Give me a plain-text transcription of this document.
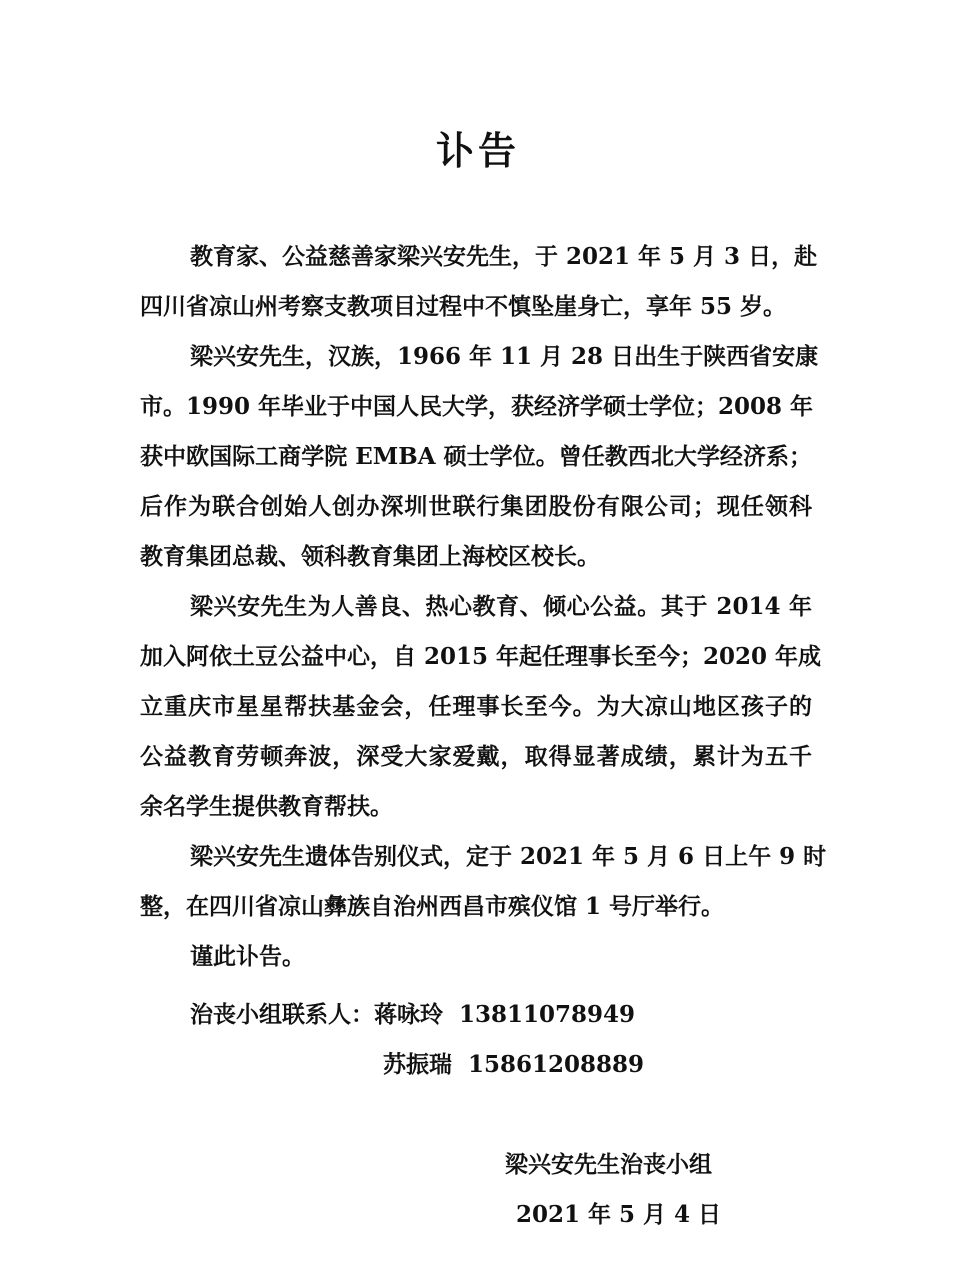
讣告
教育家、公益慈善家梁兴安先生，于 2021 年 5 月 3 日，赴
四川省凉山州考察支教项目过程中不慎坠崖身亡，享年 55 岁。
梁兴安先生，汉族，1966 年 11 月 28 日出生于陕西省安康
市。1990 年毕业于中国人民大学，获经济学硕士学位；2008 年
获中欧国际工商学院 EMBA 硕士学位。曾任教西北大学经济系；
后作为联合创始人创办深圳世联行集团股份有限公司；现任领科
教育集团总裁、领科教育集团上海校区校长。
梁兴安先生为人善良、热心教育、倾心公益。其于 2014 年
加入阿依土豆公益中心，自 2015 年起任理事长至今；2020 年成
立重庆市星星帮扶基金会，任理事长至今。为大凉山地区孩子的
公益教育劳顿奔波，深受大家爱戴，取得显著成绩，累计为五千
余名学生提供教育帮扶。
梁兴安先生遗体告别仪式，定于 2021 年 5 月 6 日上午 9 时
整，在四川省凉山彝族自治州西昌市殡仪馆 1 号厅举行。
谨此讣告。
治丧小组联系人：蒋咏玲 13811078949
苏振瑞 15861208889
梁兴安先生治丧小组
2021 年 5 月 4 日
